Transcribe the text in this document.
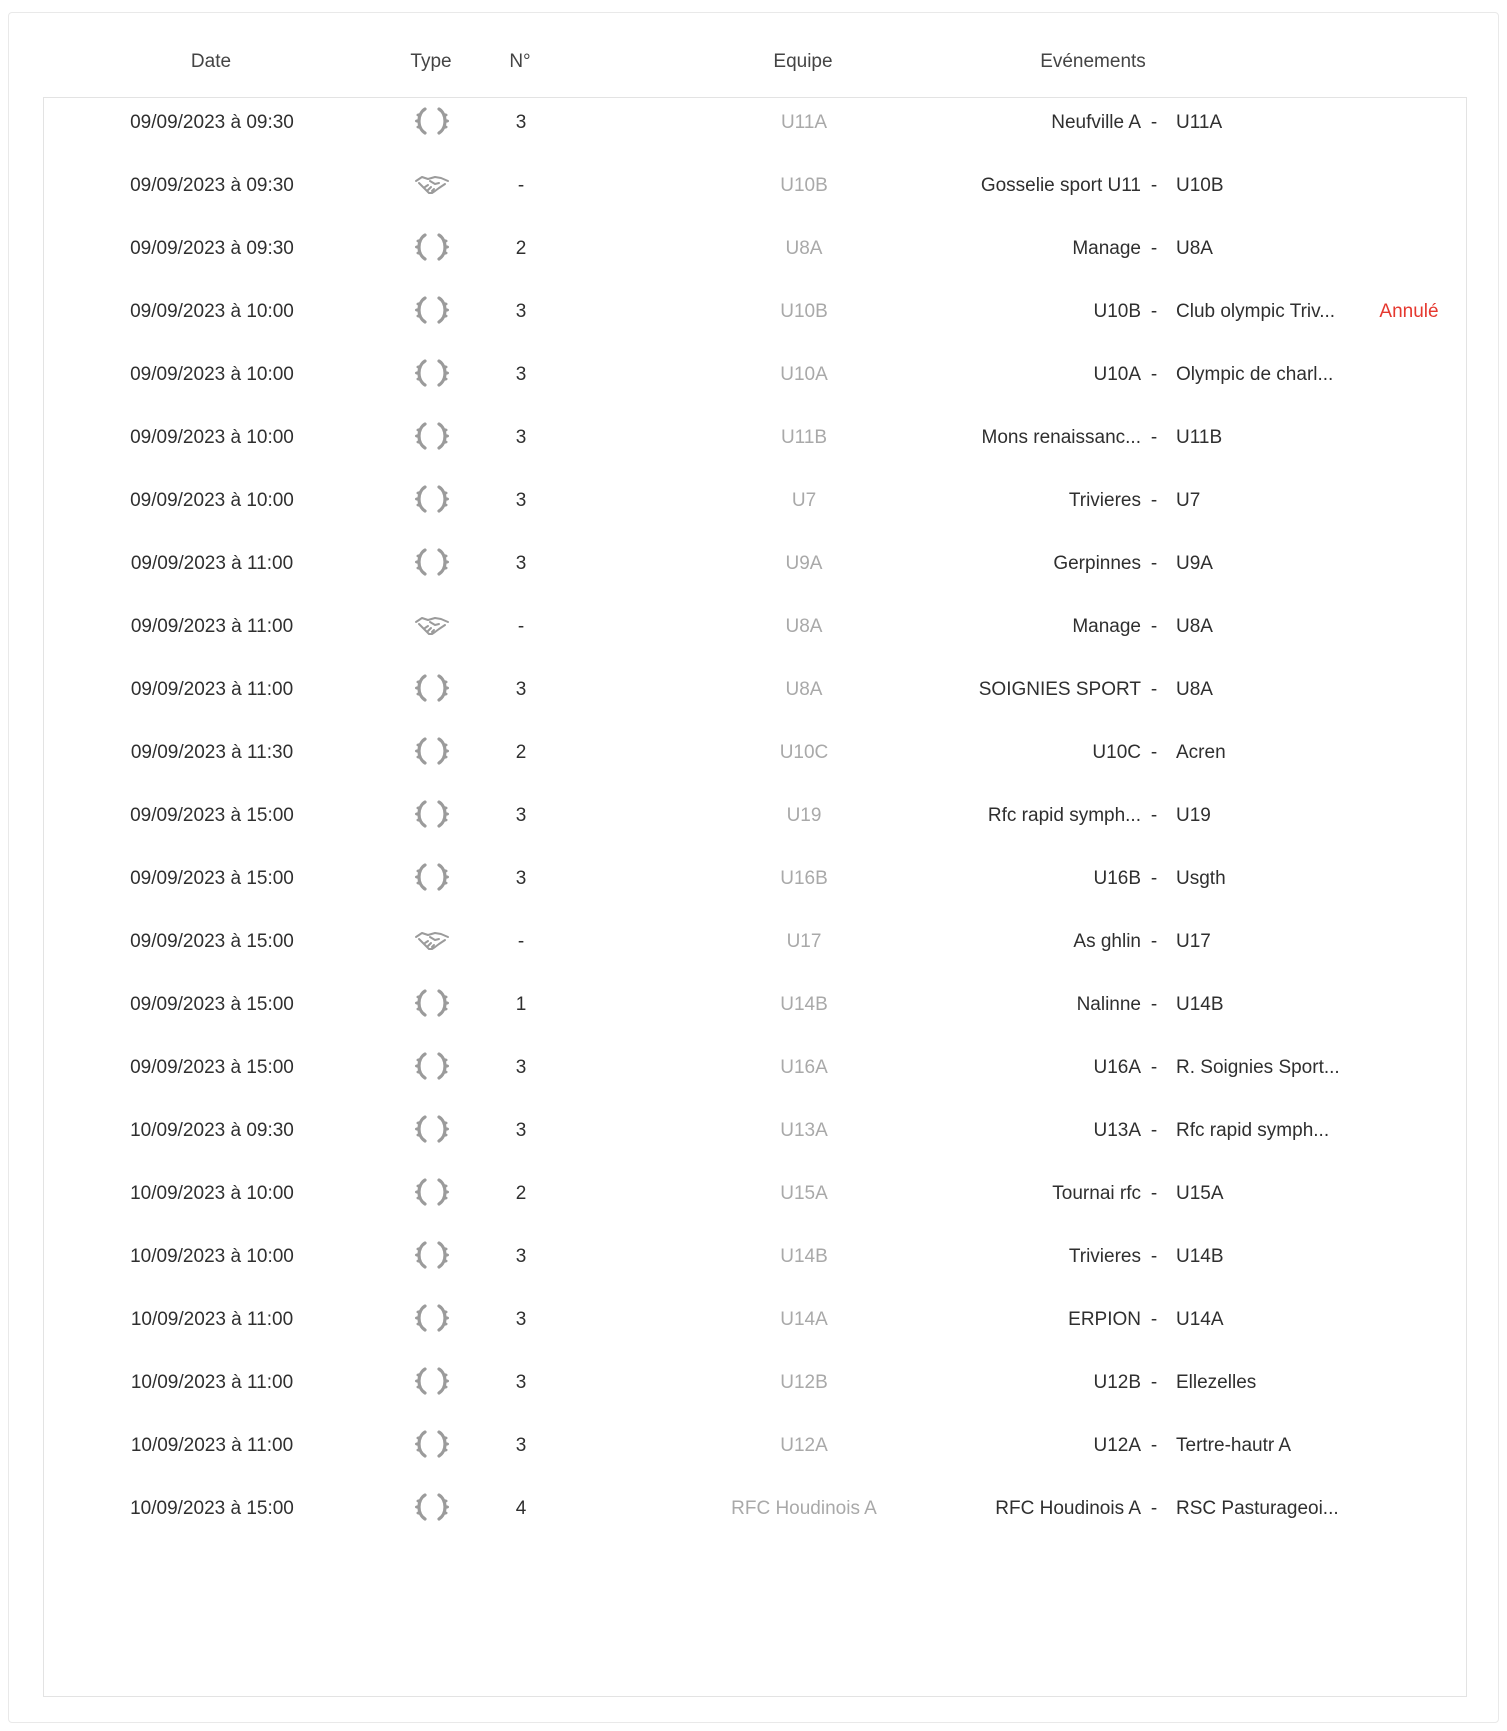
Date	Type	N°	Equipe	Evénements
09/09/2023 à 09:30	3	U11A	Neufville A - U11A
09/09/2023 à 09:30	-	U10B	Gosselie sport U11 - U10B
09/09/2023 à 09:30	2	U8A	Manage - U8A
09/09/2023 à 10:00	3	U10B	U10B - Club olympic Triv...	Annulé
09/09/2023 à 10:00	3	U10A	U10A - Olympic de charl...
09/09/2023 à 10:00	3	U11B	Mons renaissanc... - U11B
09/09/2023 à 10:00	3	U7	Trivieres - U7
09/09/2023 à 11:00	3	U9A	Gerpinnes - U9A
09/09/2023 à 11:00	-	U8A	Manage - U8A
09/09/2023 à 11:00	3	U8A	SOIGNIES SPORT - U8A
09/09/2023 à 11:30	2	U10C	U10C - Acren
09/09/2023 à 15:00	3	U19	Rfc rapid symph... - U19
09/09/2023 à 15:00	3	U16B	U16B - Usgth
09/09/2023 à 15:00	-	U17	As ghlin - U17
09/09/2023 à 15:00	1	U14B	Nalinne - U14B
09/09/2023 à 15:00	3	U16A	U16A - R. Soignies Sport...
10/09/2023 à 09:30	3	U13A	U13A - Rfc rapid symph...
10/09/2023 à 10:00	2	U15A	Tournai rfc - U15A
10/09/2023 à 10:00	3	U14B	Trivieres - U14B
10/09/2023 à 11:00	3	U14A	ERPION - U14A
10/09/2023 à 11:00	3	U12B	U12B - Ellezelles
10/09/2023 à 11:00	3	U12A	U12A - Tertre-hautr A
10/09/2023 à 15:00	4	RFC Houdinois A	RFC Houdinois A - RSC Pasturageoi...
